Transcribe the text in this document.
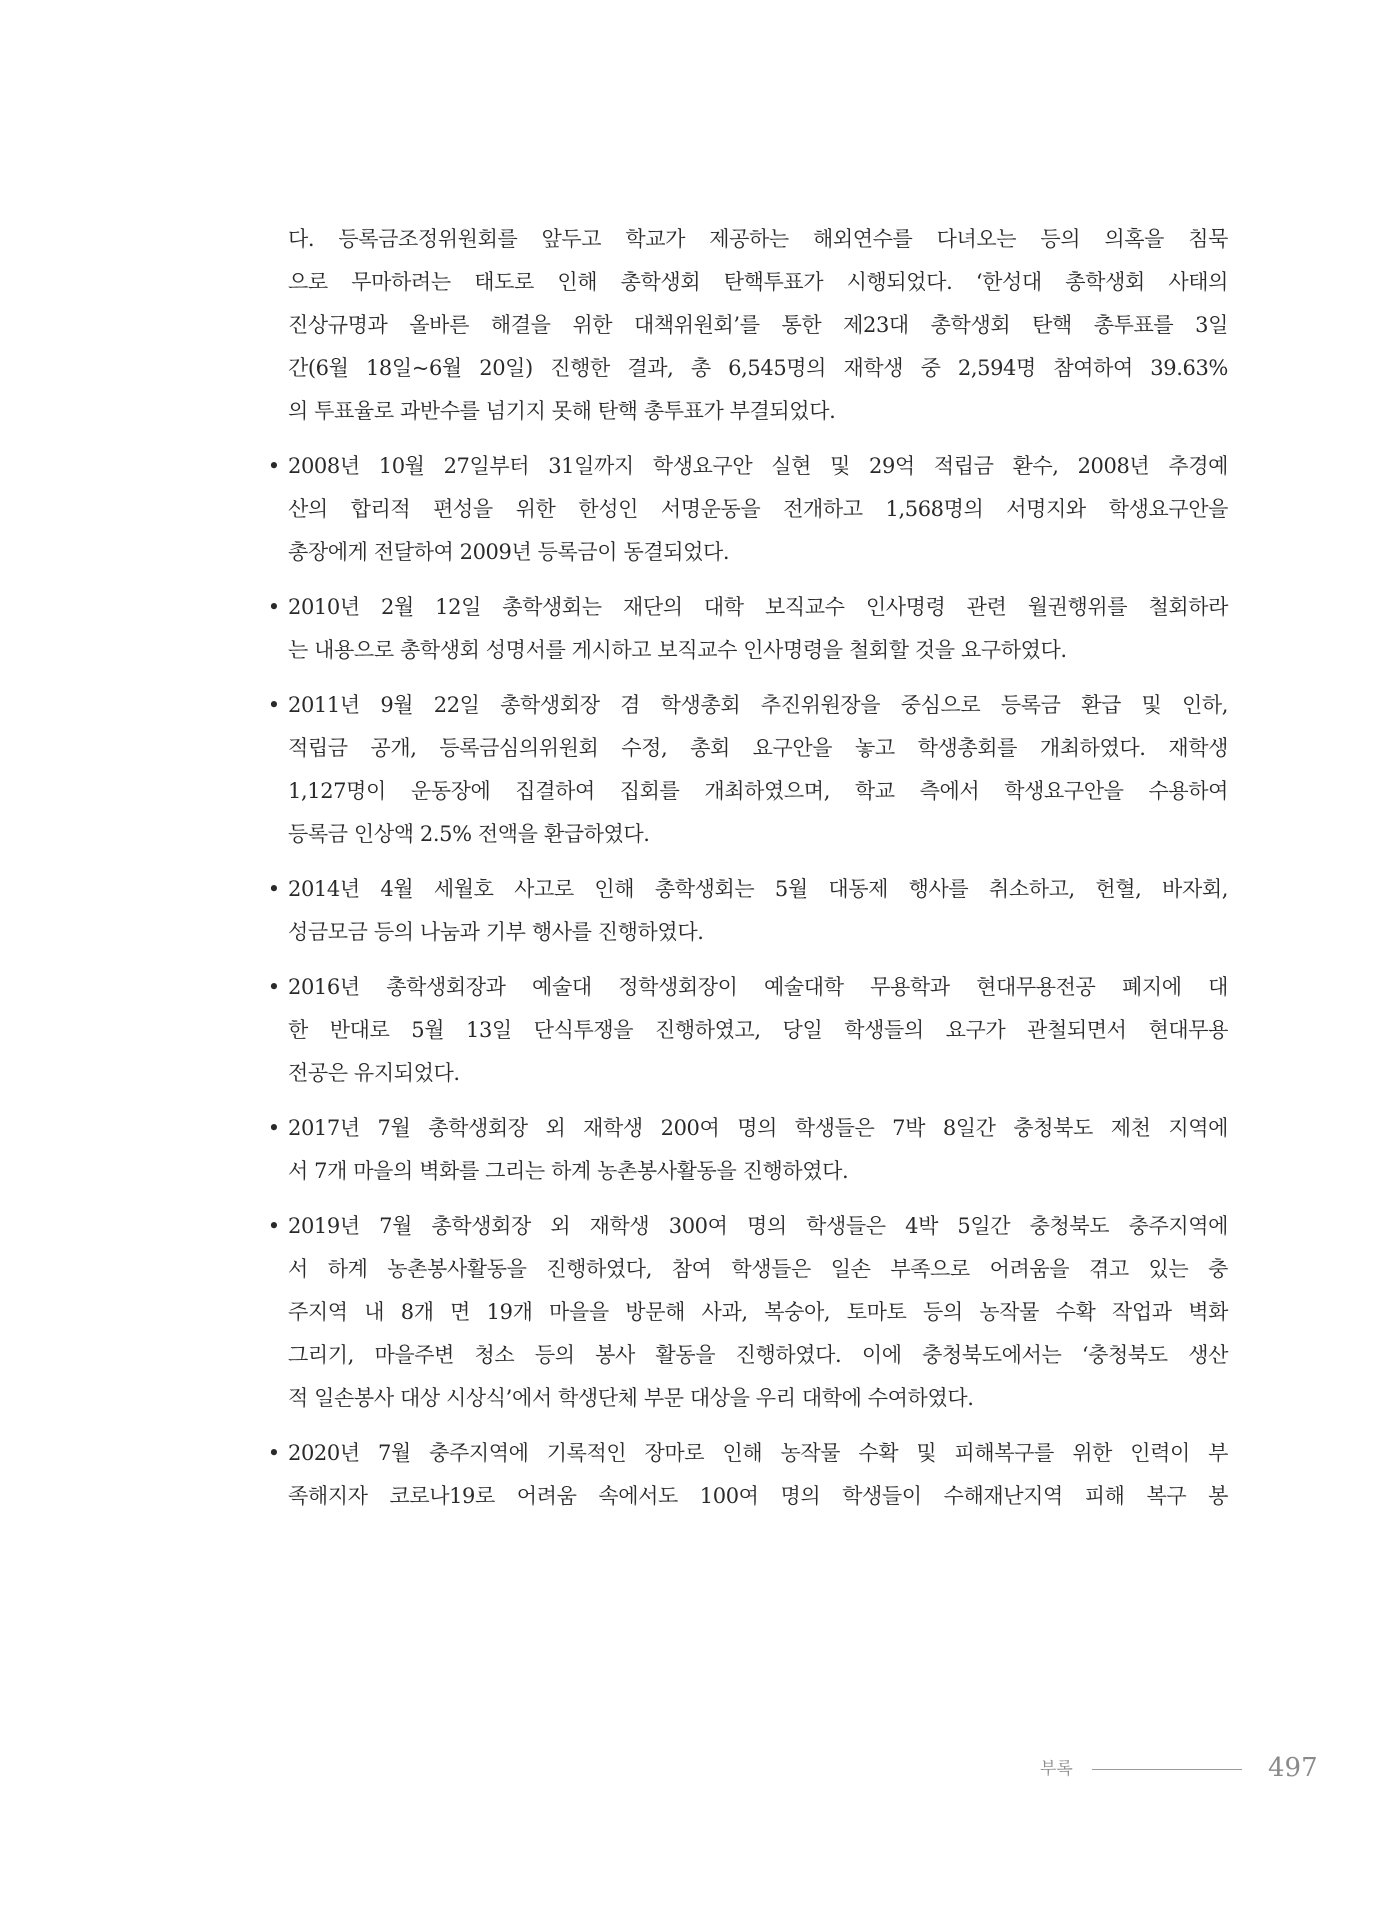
다. 등록금조정위원회를 앞두고 학교가 제공하는 해외연수를 다녀오는 등의 의혹을 침묵
으로 무마하려는 태도로 인해 총학생회 탄핵투표가 시행되었다. ‘한성대 총학생회 사태의
진상규명과 올바른 해결을 위한 대책위원회’를 통한 제23대 총학생회 탄핵 총투표를 3일
간(6월 18일~6월 20일) 진행한 결과, 총 6,545명의 재학생 중 2,594명 참여하여 39.63%
의 투표율로 과반수를 넘기지 못해 탄핵 총투표가 부결되었다.
• 2008년 10월 27일부터 31일까지 학생요구안 실현 및 29억 적립금 환수, 2008년 추경예
산의 합리적 편성을 위한 한성인 서명운동을 전개하고 1,568명의 서명지와 학생요구안을
총장에게 전달하여 2009년 등록금이 동결되었다.
• 2010년 2월 12일 총학생회는 재단의 대학 보직교수 인사명령 관련 월권행위를 철회하라
는 내용으로 총학생회 성명서를 게시하고 보직교수 인사명령을 철회할 것을 요구하였다.
• 2011년 9월 22일 총학생회장 겸 학생총회 추진위원장을 중심으로 등록금 환급 및 인하,
적립금 공개, 등록금심의위원회 수정, 총회 요구안을 놓고 학생총회를 개최하였다. 재학생
1,127명이 운동장에 집결하여 집회를 개최하였으며, 학교 측에서 학생요구안을 수용하여
등록금 인상액 2.5% 전액을 환급하였다.
• 2014년 4월 세월호 사고로 인해 총학생회는 5월 대동제 행사를 취소하고, 헌혈, 바자회,
성금모금 등의 나눔과 기부 행사를 진행하였다.
• 2016년 총학생회장과 예술대 정학생회장이 예술대학 무용학과 현대무용전공 폐지에 대
한 반대로 5월 13일 단식투쟁을 진행하였고, 당일 학생들의 요구가 관철되면서 현대무용
전공은 유지되었다.
• 2017년 7월 총학생회장 외 재학생 200여 명의 학생들은 7박 8일간 충청북도 제천 지역에
서 7개 마을의 벽화를 그리는 하계 농촌봉사활동을 진행하였다.
• 2019년 7월 총학생회장 외 재학생 300여 명의 학생들은 4박 5일간 충청북도 충주지역에
서 하계 농촌봉사활동을 진행하였다, 참여 학생들은 일손 부족으로 어려움을 겪고 있는 충
주지역 내 8개 면 19개 마을을 방문해 사과, 복숭아, 토마토 등의 농작물 수확 작업과 벽화
그리기, 마을주변 청소 등의 봉사 활동을 진행하였다. 이에 충청북도에서는 ‘충청북도 생산
적 일손봉사 대상 시상식’에서 학생단체 부문 대상을 우리 대학에 수여하였다.
• 2020년 7월 충주지역에 기록적인 장마로 인해 농작물 수확 및 피해복구를 위한 인력이 부
족해지자 코로나19로 어려움 속에서도 100여 명의 학생들이 수해재난지역 피해 복구 봉
부록	497
